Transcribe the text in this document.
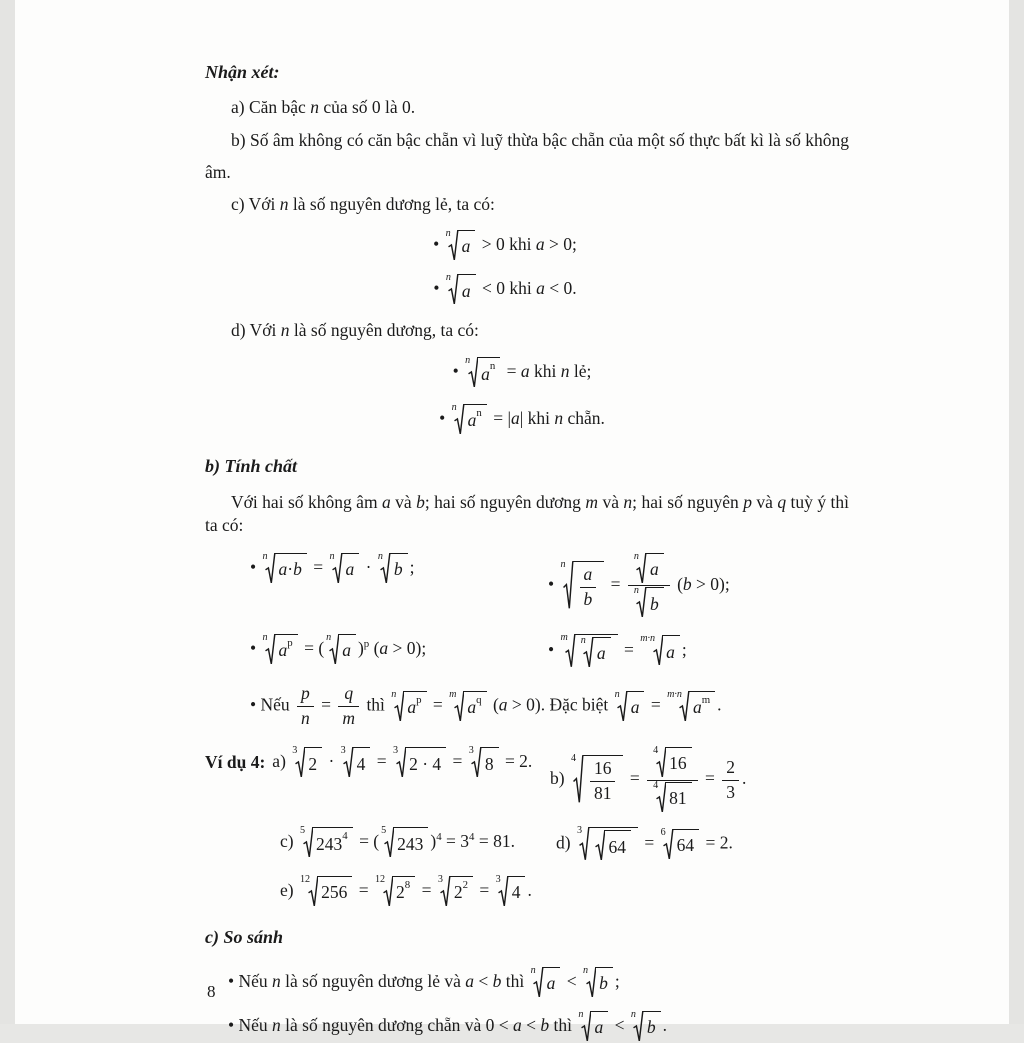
Nhận xét:

a) Căn bậc n của số 0 là 0.

b) Số âm không có căn bậc chẵn vì luỹ thừa bậc chẵn của một số thực bất kì là số không âm.

c) Với n là số nguyên dương lẻ, ta có:

•
n
a > 0 khi a > 0;
•
n
a < 0 khi a < 0.

d) Với n là số nguyên dương, ta có:

•
n
$a^n = a$ khi n lẻ;
•
n
$a^n = |a|$ khi n chẵn.
b) Tính chất

Với hai số không âm a và b; hai số nguyên dương m và n; hai số nguyên p và q tuỳ ý thì ta có:

•
n
a · b =
n
a ·
n
b ;
•
n $\frac{a}{b} = n$
a
n
b (b > 0);
•
n
$a^p$ = (
n
a )$^p$ (a > 0);	•
m n
a =
m·n
a ;
• Nếu $\frac{p}{n} = \frac{q}{m}$ thì
n
$a^p$ =
m
$a^q$ (a > 0). Đặc biệt
n
a =
m·n
$a^m$ .
Ví dụ 4: a)
3
2 ·
3
4 =
3
2 · 4 =
3
8 = 2.
b)
$4 \frac{16}{81} = 4$
16
4
$81 = \frac{2}{3}$ .
c)
5
$243^4$ = (
5
243 )$^4 = 3^4 = 81$.	d)
3
64 =
6
64 = 2.
e)
12
256 =
12
$2^8$ =
3
$2^2$ =
3
4 .
c) So sánh
• Nếu n là số nguyên dương lẻ và a < b thì
n
a <
n
b ;
• Nếu n là số nguyên dương chẵn và 0 < a < b thì
n
a <
n
b .
8
